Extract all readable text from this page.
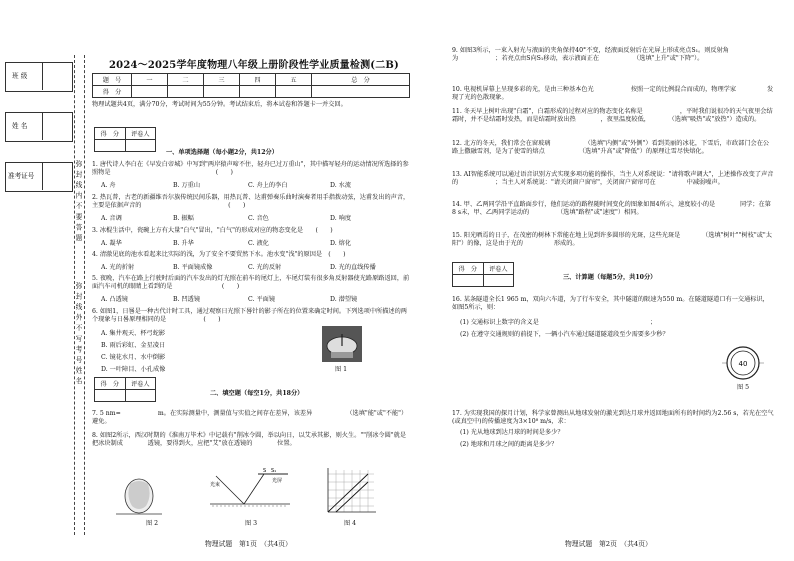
班 级
姓 名
准考证号	弥封线内不要答题
弥封线外不写考号姓名
2024～2025学年度物理八年级上册阶段性学业质量检测(二B)
题　号	一	二	三	四	五	总　分
得　分						
物理试题共4页，满分70分，考试时间为55分钟。考试结束后，将本试卷和答题卡一并交回。
得　分	评卷人

一、单项选择题（每小题2分，共12分）
1. 唐代诗人李白在《早发白帝城》中写到"两岸猿声啼不住，轻舟已过万重山"，其中描写轻舟的运动情况所选择的参照物是　　　　　　　　　　　　　　　　　(　　)
A. 舟	B. 万重山	C. 舟上的李白	D. 水流
2. 热瓦普，古老的新疆维吾尔族传统民间乐器，用热瓦普、达甫弹奏乐曲时演奏者用手指拨动弦，达甫发出的声音，主要是依据声音的　　　　　　　　　　　　　　(　　)
A. 音调	B. 振幅	C. 音色	D. 响度
3. 冰棍生活中，瓷碗上方有大量"白气"冒出，"白气"的形成对应的物态变化是　　(　　)
A. 凝华	B. 升华	C. 液化	D. 熔化
4. 清澈见底的池水看起来比实际的浅，为了安全不要贸然下水。池水变"浅"的原因是　(　　)
A. 光的折射	B. 平面镜成像	C. 光的反射	D. 光的直线传播
5. 夜晚，汽车在路上行驶时后面的汽车发出的灯光照在前车的尾灯上，车尾灯装有很多角反射器使光路原路返回，前面汽车司机的眼睛上看到的是　　　　　　　　(　　)
A. 凸透镜	B. 凹透镜	C. 平面镜	D. 潜望镜
6. 如图1，日晷是一种古代计时工具，通过观察日光照下晷针的影子所在的位置来确定时间。下列选项中所描述的两个现象与日晷原理相同的是　　　　　　(　　)
A. 集井观天、杯弓蛇影
B. 雨后彩虹、金星凌日
C. 镜花水月、水中倒影
D. 一叶障目、小孔成像	图 1
得　分	评卷人

二、填空题（每空1分，共18分）
7. 5 nm=　　　　　　m。在实际测量中，测量值与实值之间存在差异，该差异　　　　　　（选填"能"或"不能"）避免。
8. 如图2所示，西汉时期的《淮南万毕术》中记载有"削冰令圆，举以向日，以艾承其影，则火生。""削冰令圆"就是把冰块制成　　　　透镜，要得到火，应把"艾"放在透镜的　　　　位置。
图 2
S S₁
光屏
光束
图 3	图 4
物理试题　第1页　（共4页）
9. 如图3所示，一束入射光与液面的夹角保持40°不变，经液面反射后在光屏上形成亮点S₁。则反射角为　　　　　　；若亮点由S向S₁移动，表示液面正在　　　　　　（选填"上升"或"下降"）。
10. 电视机屏幕上呈现多彩的光，是由三种基本色光　　　　　　按照一定的比例混合而成的，物理学家　　　　　发现了光的色散现象。
11. 冬天早上树叶出现"白霜"，白霜形成的过程对应的物态变化名称是　　　　　　，平时我们说很冷的天气夜里会结霜时，并不是结霜时发热，而是结霜时放出热　　　　，夜里温度较低，　　　　（选填"吸热"或"放热"）造成的。
12. 北方的冬天，我们常会在窗玻璃　　　　　　（选填"内侧"或"外侧"）看到美丽的冰花，下雪后，市政部门会在公路上撒融雪剂，是为了使雪的熔点　　　　　　（选填"升高"或"降低"）的原理让雪尽快熔化。
13. AI智能系统可以通过语音识别方式实现多项功能的操作，当主人对系统说："请将歌声调大"，上述操作改变了声音的　　　　　　；当主人对系统说："请关闭窗户窗帘"，关闭窗户窗帘可在　　　　　中减弱噪声。
14. 甲、乙两同学沿平直路面步行，他们运动的路程随时间变化的图象如图4所示，速度较小的是　　　　同学；在第8 s末，甲、乙两同学运动的　　　　　（选填"路程"或"速度"）相同。
15. 阳光晒焉的日子，在茂密的树林下常能在地上见到许多圆形的光斑，这些光斑是　　　　（选填"树叶""树枝"或"太阳"）的像，这是由于光的　　　　　形成的。
得　分	评卷人

三、计算题（每题5分，共10分）
16. 某条隧道全长1 965 m，双向六车道，为了行车安全，其中隧道的限速为550 m。在隧道隧道口有一交通标识，如图5所示，则：
(1) 交通标识上数字的含义是　　　　　　　　　　　　　　　　　　；
(2) 在遵守交通规则的前提下，一辆小汽车通过隧道隧道段至少需要多少秒？
40
图 5
17. 为实现我国的探月计划，科学家曾测出从地球发射的激光到达月球并返回地面所有的时间约为2.56 s，若光在空气(或真空中)的传播速度为3×10⁸ m/s，求：
(1) 光从地球到达月球的时间是多少？
(2) 地球和月球之间的距离是多少？
物理试题　第2页　（共4页）
